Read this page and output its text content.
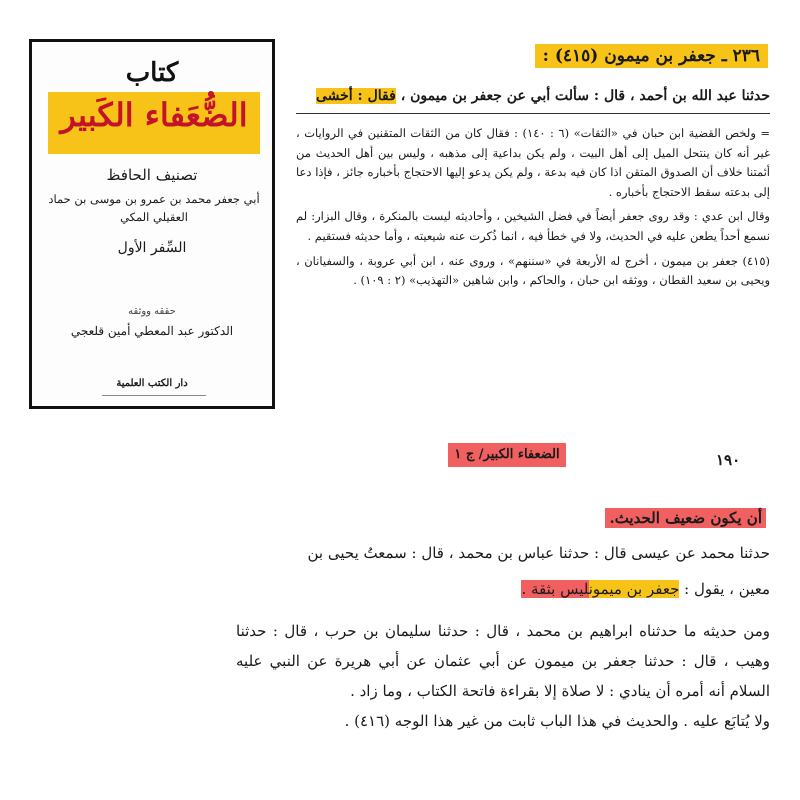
كتاب
الضُّعَفاء الكَبير
تصنيف الحافظ
أبي جعفر محمد بن عمرو بن موسى بن حماد العقيلي المكي
السِّفر الأول
حققه ووثقه
الدكتور عبد المعطي أمين قلعجي
دار الكتب العلمية
٢٣٦ ـ جعفر بن ميمون (٤١٥) :
حدثنا عبد الله بن أحمد ، قال : سألت أبي عن جعفر بن ميمون ، فقال : أخشى

= ولخص القضية ابن حبان في «الثقات» (٦ : ١٤٠) : فقال كان من الثقات المتقنين في الروايات ، غير أنه كان ينتحل الميل إلى أهل البيت ، ولم يكن بداعية إلى مذهبه ، وليس بين أهل الحديث من أئمتنا خلاف أن الصدوق المتقن اذا كان فيه بدعة ، ولم يكن يدعو إليها الاحتجاج بأخباره جائز ، فإذا دعا إلى بدعته سقط الاحتجاج بأخباره .

وقال ابن عدي : وقد روى جعفر أيضاً في فضل الشيخين ، وأحاديثه ليست بالمنكرة ، وقال البزار: لم نسمع أحداً يطعن عليه في الحديث، ولا في خطأ فيه ، انما ذُكرت عنه شيعيته ، وأما حديثه فستقيم .

(٤١٥) جعفر بن ميمون ، أخرج له الأربعة في «سننهم» ، وروى عنه ، ابن أبي عروبة ، والسفيانان ، ويحيى بن سعيد القطان ، ووثقه ابن حبان ، والحاكم ، وابن شاهين «التهذيب» (٢ : ١٠٩) .

١٩٠
الضعفاء الكبير/ ج ١
أن يكون ضعيف الحديث.
حدثنا محمد عن عيسى قال : حدثنا عباس بن محمد ، قال : سمعتُ يحيى بن
معين ، يقول : جعفر بن ميمونليس بثقة .

ومن حديثه ما حدثناه ابراهيم بن محمد ، قال : حدثنا سليمان بن حرب ، قال : حدثنا وهيب ، قال : حدثنا جعفر بن ميمون عن أبي عثمان عن أبي هريرة عن النبي عليه السلام أنه أمره أن ينادي : لا صلاة إلا بقراءة فاتحة الكتاب ، وما زاد .

ولا يُتابَع عليه . والحديث في هذا الباب ثابت من غير هذا الوجه (٤١٦) .
